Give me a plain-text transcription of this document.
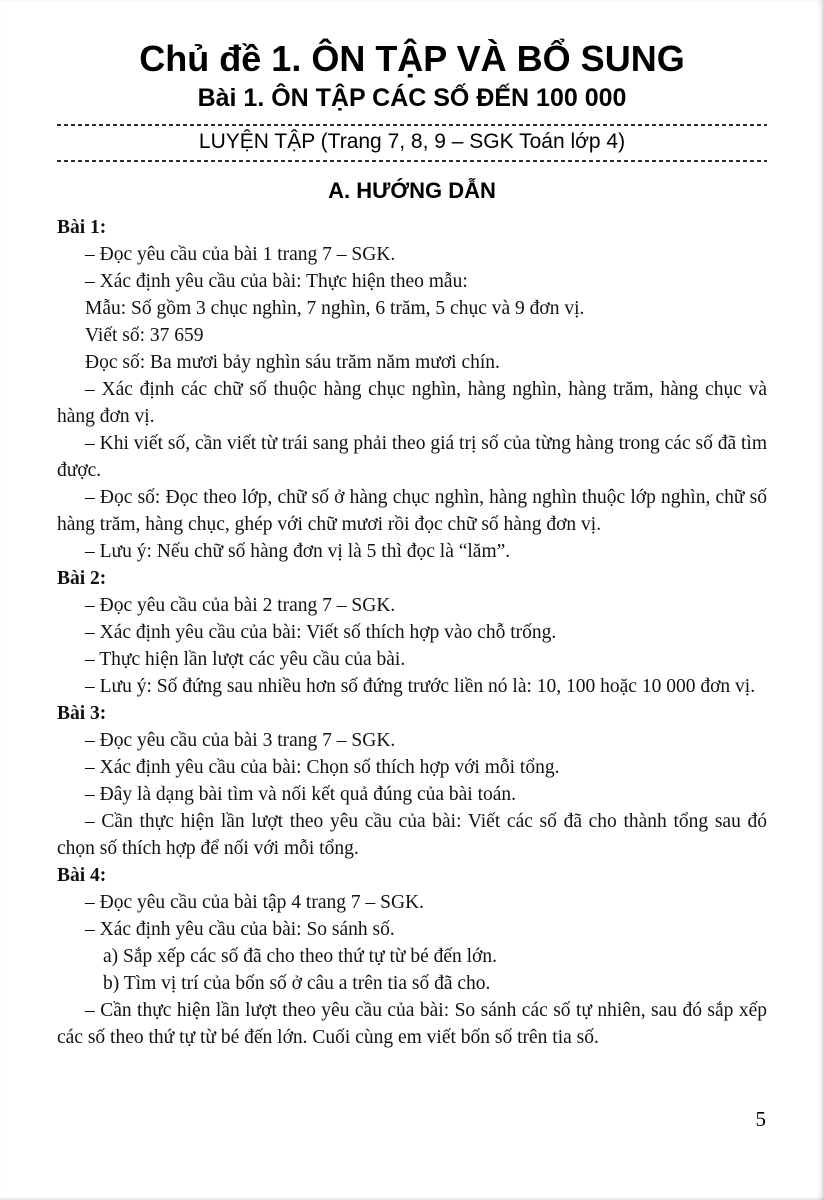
Chủ đề 1. ÔN TẬP VÀ BỔ SUNG
Bài 1. ÔN TẬP CÁC SỐ ĐẾN 100 000
LUYỆN TẬP (Trang 7, 8, 9 – SGK Toán lớp 4)
A. HƯỚNG DẪN

Bài 1:

– Đọc yêu cầu của bài 1 trang 7 – SGK.

– Xác định yêu cầu của bài: Thực hiện theo mẫu:

Mẫu: Số gồm 3 chục nghìn, 7 nghìn, 6 trăm, 5 chục và 9 đơn vị.

Viết số: 37 659

Đọc số: Ba mươi bảy nghìn sáu trăm năm mươi chín.

– Xác định các chữ số thuộc hàng chục nghìn, hàng nghìn, hàng trăm, hàng chục và hàng đơn vị.

– Khi viết số, cần viết từ trái sang phải theo giá trị số của từng hàng trong các số đã tìm được.

– Đọc số: Đọc theo lớp, chữ số ở hàng chục nghìn, hàng nghìn thuộc lớp nghìn, chữ số hàng trăm, hàng chục, ghép với chữ mươi rồi đọc chữ số hàng đơn vị.

– Lưu ý: Nếu chữ số hàng đơn vị là 5 thì đọc là “lăm”.

Bài 2:

– Đọc yêu cầu của bài 2 trang 7 – SGK.

– Xác định yêu cầu của bài: Viết số thích hợp vào chỗ trống.

– Thực hiện lần lượt các yêu cầu của bài.

– Lưu ý: Số đứng sau nhiều hơn số đứng trước liền nó là: 10, 100 hoặc 10 000 đơn vị.

Bài 3:

– Đọc yêu cầu của bài 3 trang 7 – SGK.

– Xác định yêu cầu của bài: Chọn số thích hợp với mỗi tổng.

– Đây là dạng bài tìm và nối kết quả đúng của bài toán.

– Cần thực hiện lần lượt theo yêu cầu của bài: Viết các số đã cho thành tổng sau đó chọn số thích hợp để nối với mỗi tổng.

Bài 4:

– Đọc yêu cầu của bài tập 4 trang 7 – SGK.

– Xác định yêu cầu của bài: So sánh số.

a) Sắp xếp các số đã cho theo thứ tự từ bé đến lớn.

b) Tìm vị trí của bốn số ở câu a trên tia số đã cho.

– Cần thực hiện lần lượt theo yêu cầu của bài: So sánh các số tự nhiên, sau đó sắp xếp các số theo thứ tự từ bé đến lớn. Cuối cùng em viết bốn số trên tia số.

5
